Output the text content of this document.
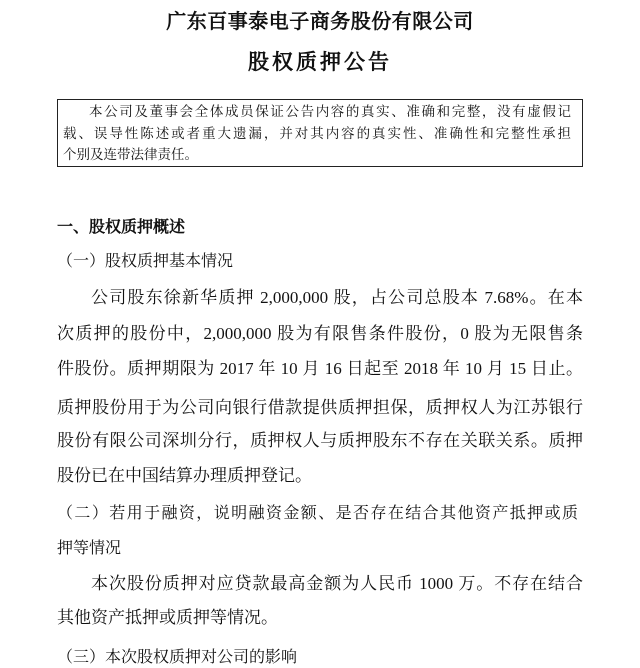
广东百事泰电子商务股份有限公司
股权质押公告
本公司及董事会全体成员保证公告内容的真实、准确和完整，没有虚假记
载、误导性陈述或者重大遗漏，并对其内容的真实性、准确性和完整性承担
个别及连带法律责任。
一、股权质押概述
（一）股权质押基本情况
公司股东徐新华质押 2,000,000 股，占公司总股本 7.68%。在本
次质押的股份中，2,000,000 股为有限售条件股份，0 股为无限售条
件股份。质押期限为 2017 年 10 月 16 日起至 2018 年 10 月 15 日止。
质押股份用于为公司向银行借款提供质押担保，质押权人为江苏银行
股份有限公司深圳分行，质押权人与质押股东不存在关联关系。质押
股份已在中国结算办理质押登记。
（二）若用于融资，说明融资金额、是否存在结合其他资产抵押或质
押等情况
本次股份质押对应贷款最高金额为人民币 1000 万。不存在结合
其他资产抵押或质押等情况。
（三）本次股权质押对公司的影响
